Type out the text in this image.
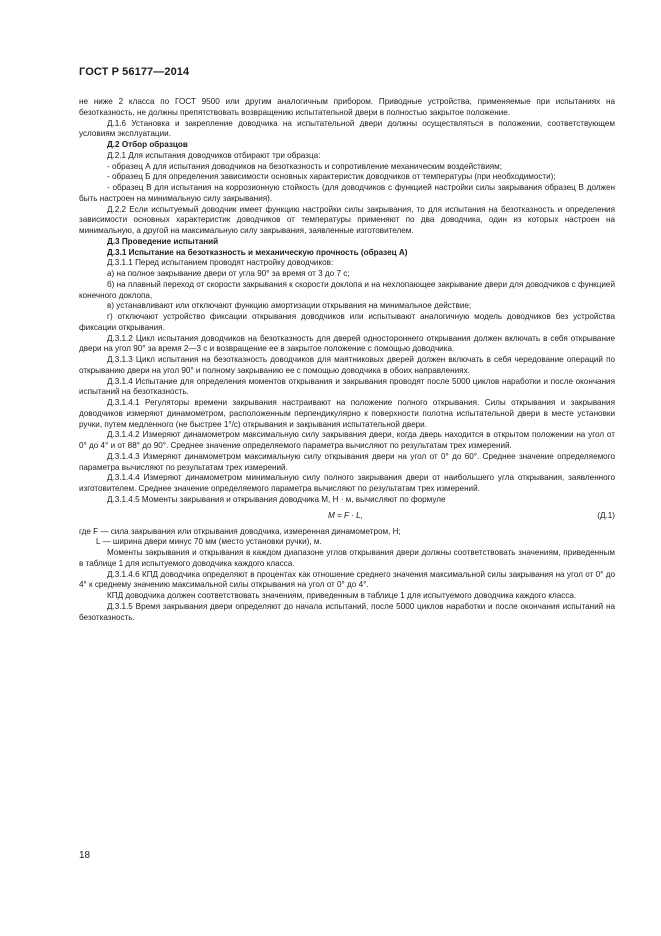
ГОСТ Р 56177—2014

не ниже 2 класса по ГОСТ 9500 или другим аналогичным прибором. Приводные устройства, применяемые при испытаниях на безотказность, не должны препятствовать возвращению испытательной двери в полностью закрытое положение.

Д.1.6 Установка и закрепление доводчика на испытательной двери должны осуществляться в положении, соответствующем условиям эксплуатации.

Д.2 Отбор образцов

Д.2.1 Для испытания доводчиков отбирают три образца:

- образец А для испытания доводчиков на безотказность и сопротивление механическим воздействиям;

- образец Б для определения зависимости основных характеристик доводчиков от температуры (при необходимости);

- образец В для испытания на коррозионную стойкость (для доводчиков с функцией настройки силы закрывания образец В должен быть настроен на минимальную силу закрывания).

Д.2.2 Если испытуемый доводчик имеет функцию настройки силы закрывания, то для испытания на безотказность и определения зависимости основных характеристик доводчиков от температуры применяют по два доводчика, один из которых настроен на минимальную, а другой на максимальную силу закрывания, заявленные изготовителем.

Д.3 Проведение испытаний

Д.3.1 Испытание на безотказность и механическую прочность (образец А)

Д.3.1.1 Перед испытанием проводят настройку доводчиков:

а) на полное закрывание двери от угла 90° за время от 3 до 7 с;

б) на плавный переход от скорости закрывания к скорости доклопа и на нехлопающее закрывание двери для доводчиков с функцией конечного доклопа,

в) устанавливают или отключают функцию амортизации открывания на минимальное действие;

г) отключают устройство фиксации открывания доводчиков или испытывают аналогичную модель доводчиков без устройства фиксации открывания.

Д.3.1.2 Цикл испытания доводчиков на безотказность для дверей одностороннего открывания должен включать в себя открывание двери на угол 90° за время 2—3 с и возвращение ее в закрытое положение с помощью доводчика.

Д.3.1.3 Цикл испытания на безотказность доводчиков для маятниковых дверей должен включать в себя чередование операций по открыванию двери на угол 90° и полному закрыванию ее с помощью доводчика в обоих направлениях.

Д.3.1.4 Испытание для определения моментов открывания и закрывания проводят после 5000 циклов наработки и после окончания испытаний на безотказность.

Д.3.1.4.1 Регуляторы времени закрывания настраивают на положение полного открывания. Силы открывания и закрывания доводчиков измеряют динамометром, расположенным перпендикулярно к поверхности полотна испытательной двери в месте установки ручки, путем медленного (не быстрее 1°/с) открывания и закрывания испытательной двери.

Д.3.1.4.2 Измеряют динамометром максимальную силу закрывания двери, когда дверь находится в открытом положении на угол от 0° до 4° и от 88° до 90°. Среднее значение определяемого параметра вычисляют по результатам трех измерений.

Д.3.1.4.3 Измеряют динамометром максимальную силу открывания двери на угол от 0° до 60°. Среднее значение определяемого параметра вычисляют по результатам трех измерений.

Д.3.1.4.4 Измеряют динамометром минимальную силу полного закрывания двери от наибольшего угла открывания, заявленного изготовителем. Среднее значение определяемого параметра вычисляют по результатам трех измерений.

Д.3.1.4.5 Моменты закрывания и открывания доводчика M, Н · м, вычисляют по формуле

M = F · L,	(Д.1)
где F — сила закрывания или открывания доводчика, измеренная динамометром, Н;
L — ширина двери минус 70 мм (место установки ручки), м.

Моменты закрывания и открывания в каждом диапазоне углов открывания двери должны соответствовать значениям, приведенным в таблице 1 для испытуемого доводчика каждого класса.

Д.3.1.4.6 КПД доводчика определяют в процентах как отношение среднего значения максимальной силы закрывания на угол от 0° до 4° к среднему значению максимальной силы открывания на угол от 0° до 4°.

КПД доводчика должен соответствовать значениям, приведенным в таблице 1 для испытуемого доводчика каждого класса.

Д.3.1.5 Время закрывания двери определяют до начала испытаний, после 5000 циклов наработки и после окончания испытаний на безотказность.

18
